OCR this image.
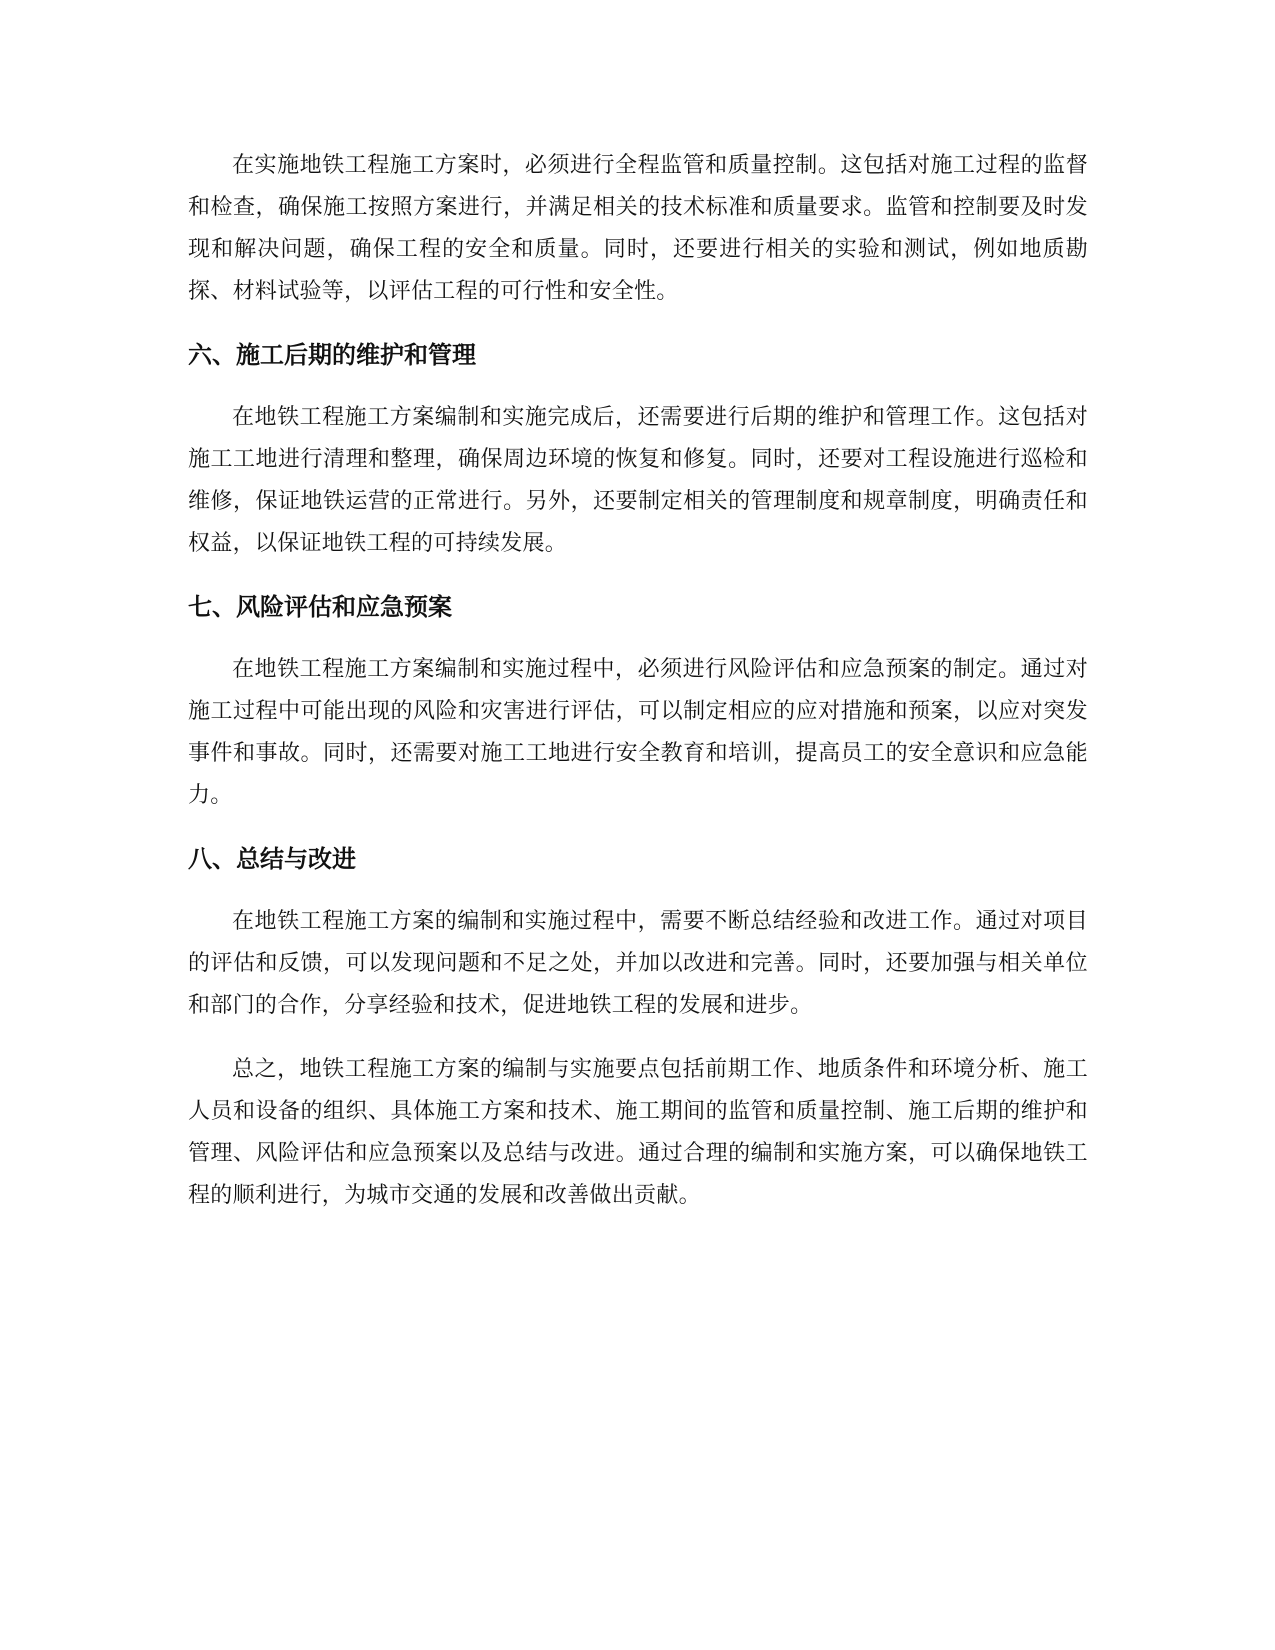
在实施地铁工程施工方案时，必须进行全程监管和质量控制。这包括对施工过程的监督和检查，确保施工按照方案进行，并满足相关的技术标准和质量要求。监管和控制要及时发现和解决问题，确保工程的安全和质量。同时，还要进行相关的实验和测试，例如地质勘探、材料试验等，以评估工程的可行性和安全性。

六、施工后期的维护和管理

在地铁工程施工方案编制和实施完成后，还需要进行后期的维护和管理工作。这包括对施工工地进行清理和整理，确保周边环境的恢复和修复。同时，还要对工程设施进行巡检和维修，保证地铁运营的正常进行。另外，还要制定相关的管理制度和规章制度，明确责任和权益，以保证地铁工程的可持续发展。

七、风险评估和应急预案

在地铁工程施工方案编制和实施过程中，必须进行风险评估和应急预案的制定。通过对施工过程中可能出现的风险和灾害进行评估，可以制定相应的应对措施和预案，以应对突发事件和事故。同时，还需要对施工工地进行安全教育和培训，提高员工的安全意识和应急能力。

八、总结与改进

在地铁工程施工方案的编制和实施过程中，需要不断总结经验和改进工作。通过对项目的评估和反馈，可以发现问题和不足之处，并加以改进和完善。同时，还要加强与相关单位和部门的合作，分享经验和技术，促进地铁工程的发展和进步。

总之，地铁工程施工方案的编制与实施要点包括前期工作、地质条件和环境分析、施工人员和设备的组织、具体施工方案和技术、施工期间的监管和质量控制、施工后期的维护和管理、风险评估和应急预案以及总结与改进。通过合理的编制和实施方案，可以确保地铁工程的顺利进行，为城市交通的发展和改善做出贡献。
